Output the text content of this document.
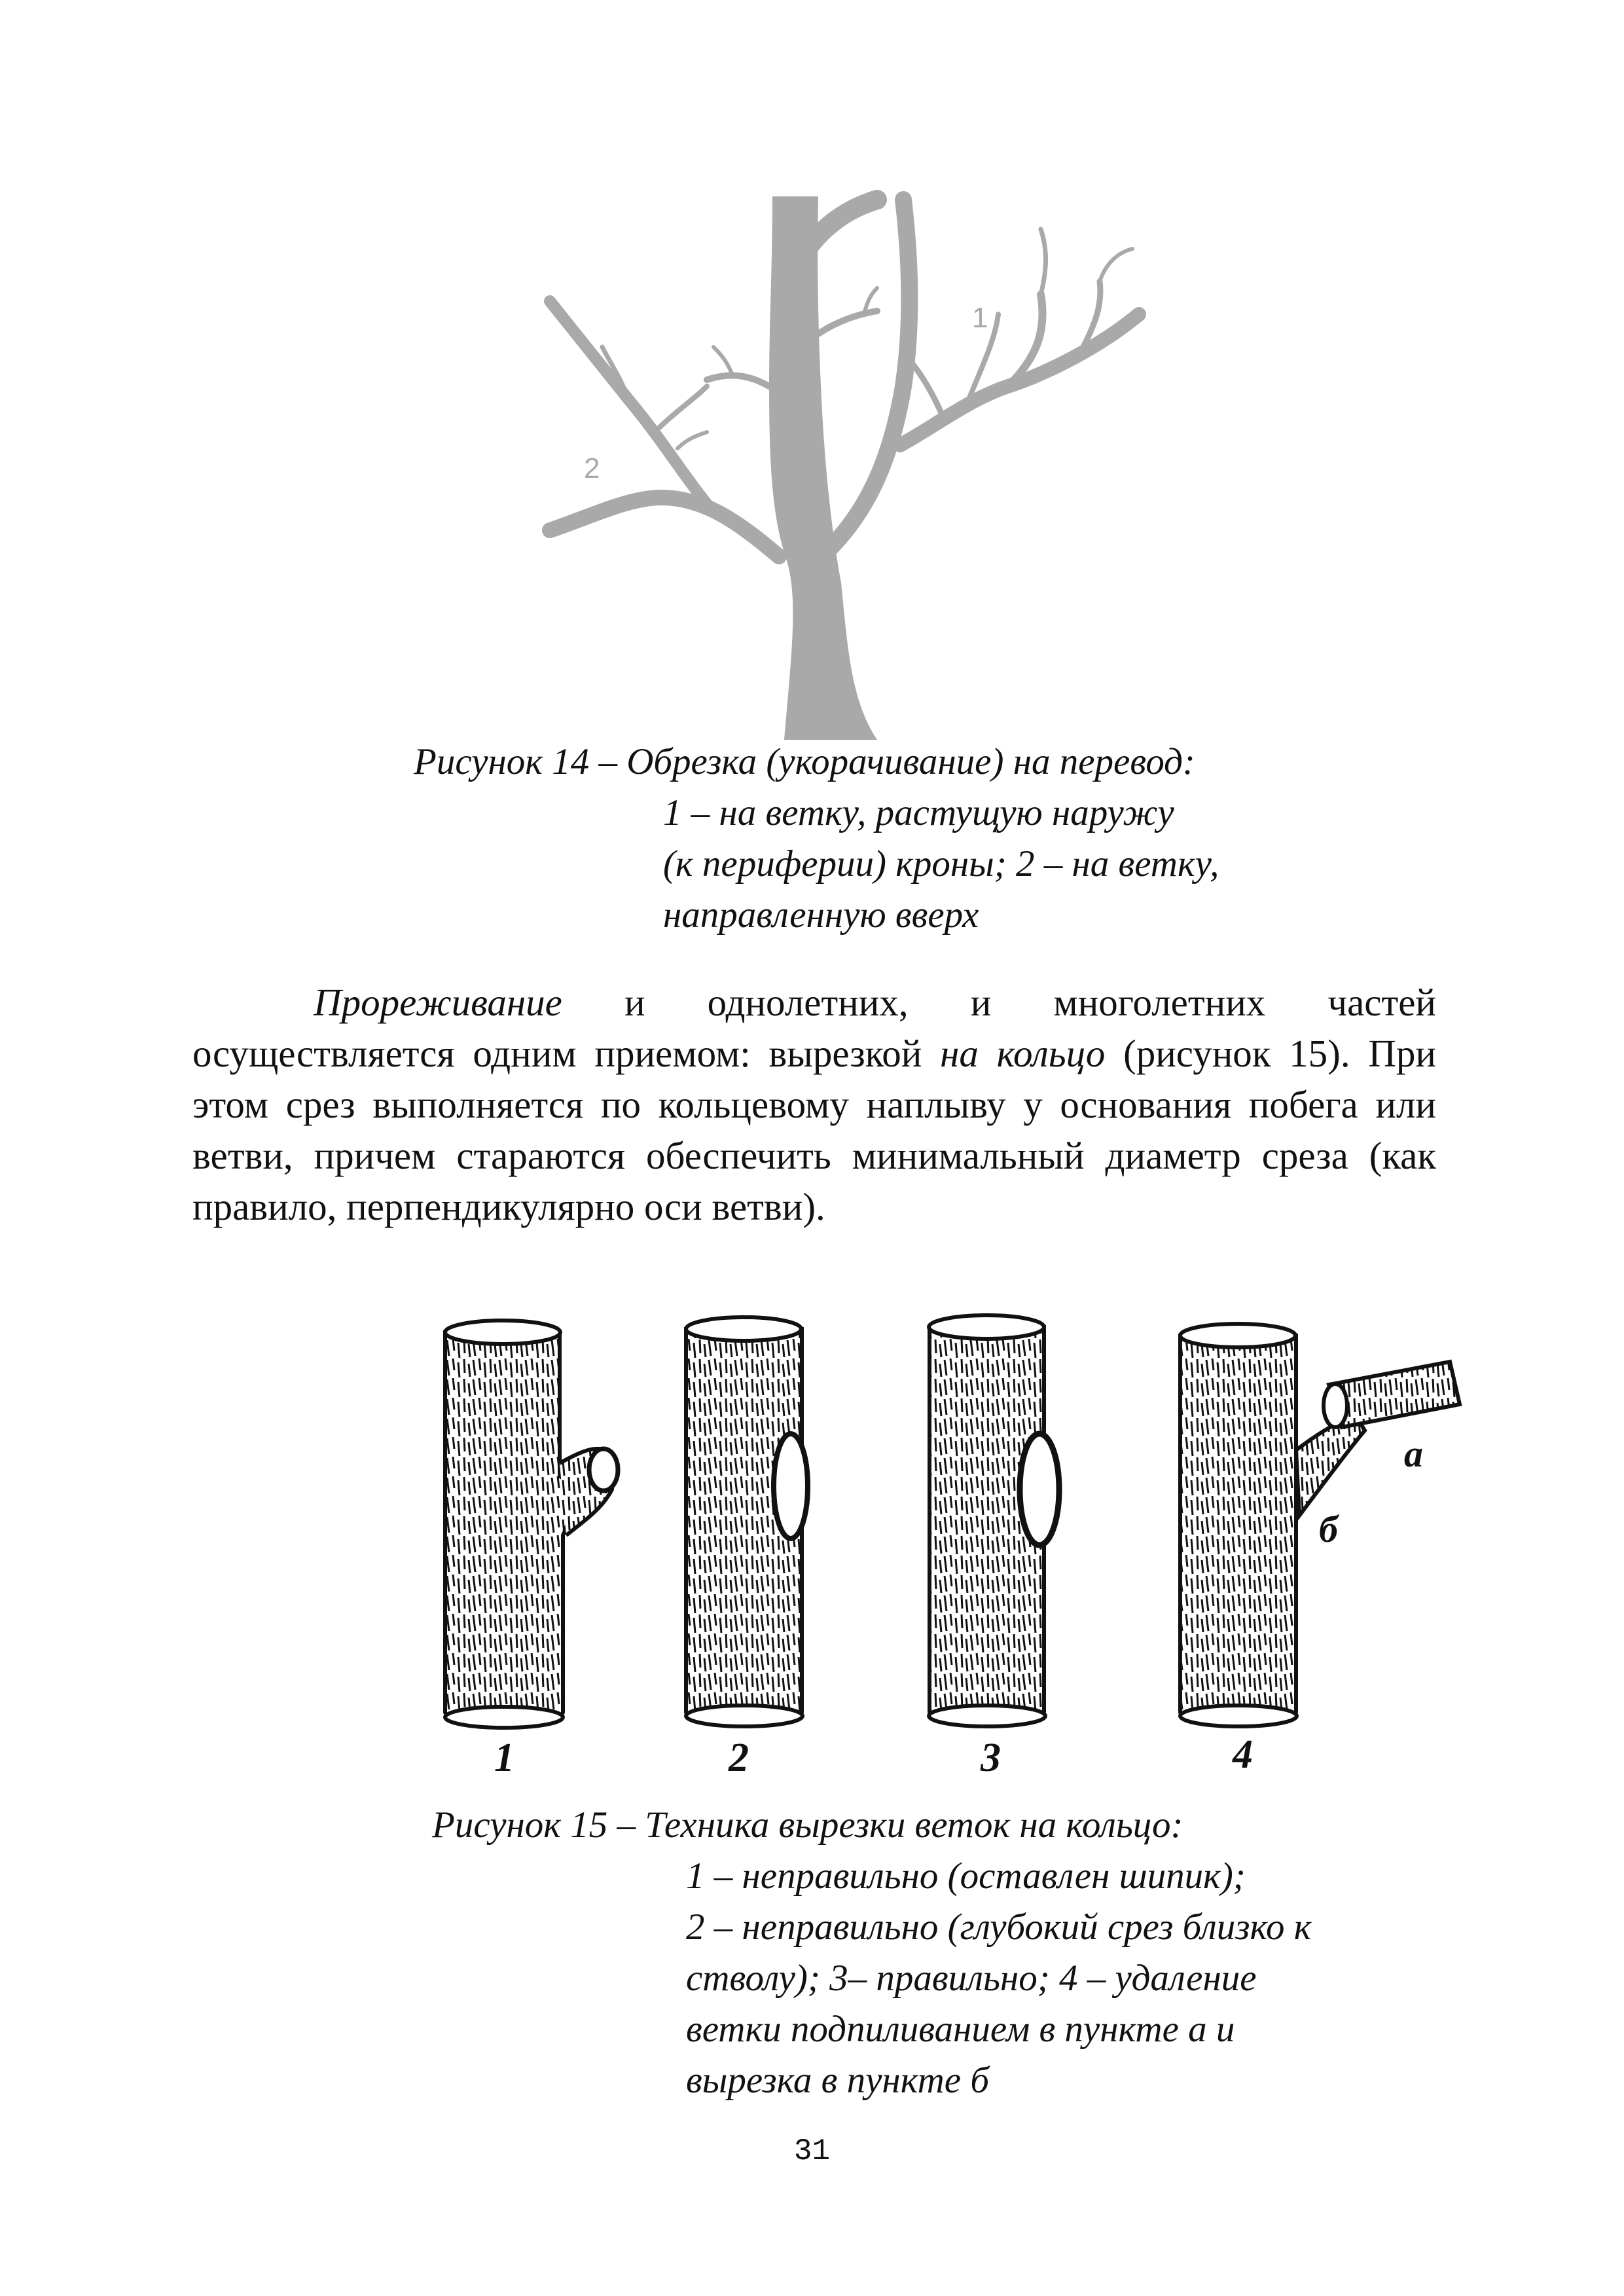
1
2
Рисунок 14 – Обрезка (укорачивание) на перевод:
1 – на ветку, растущую наружу
(к периферии) кроны; 2 – на ветку,
направленную вверх

Прореживание и однолетних, и многолетних частей осуществляется одним приемом: вырезкой на кольцо (рисунок 15). При этом срез выполняется по кольцевому наплыву у основания побега или ветви, причем стараются обеспечить минимальный диаметр среза (как правило, перпендикулярно оси ветви).

а
б
1	2	3	4
Рисунок 15 – Техника вырезки веток на кольцо:
1 – неправильно (оставлен шипик);
2 – неправильно (глубокий срез близко к
стволу); 3– правильно; 4 – удаление
ветки подпиливанием в пункте а и
вырезка в пункте б
31
